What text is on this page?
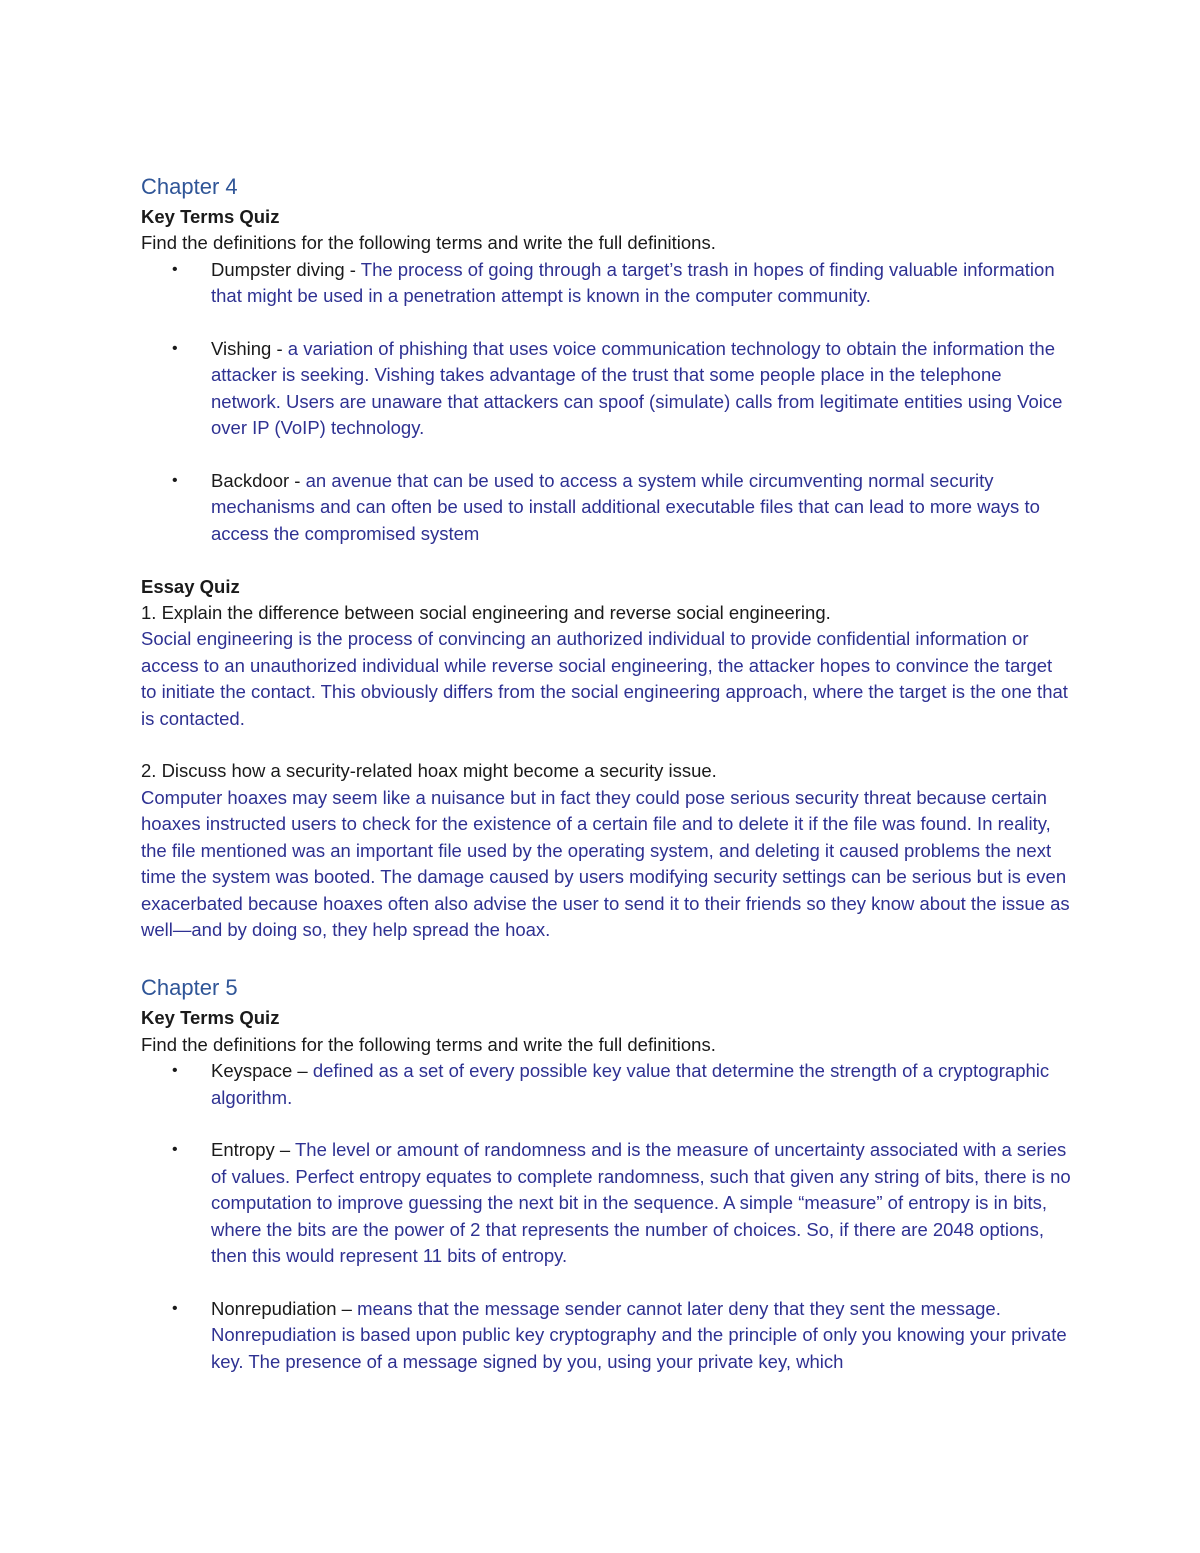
Chapter 4

Key Terms Quiz

Find the definitions for the following terms and write the full definitions.

• Dumpster diving - The process of going through a target’s trash in hopes of finding valuable information that might be used in a penetration attempt is known in the computer community.
• Vishing - a variation of phishing that uses voice communication technology to obtain the information the attacker is seeking. Vishing takes advantage of the trust that some people place in the telephone network. Users are unaware that attackers can spoof (simulate) calls from legitimate entities using Voice over IP (VoIP) technology.
• Backdoor - an avenue that can be used to access a system while circumventing normal security mechanisms and can often be used to install additional executable files that can lead to more ways to access the compromised system

Essay Quiz

1. Explain the difference between social engineering and reverse social engineering.

Social engineering is the process of convincing an authorized individual to provide confidential information or access to an unauthorized individual while reverse social engineering, the attacker hopes to convince the target to initiate the contact. This obviously differs from the social engineering approach, where the target is the one that is contacted.

2. Discuss how a security-related hoax might become a security issue.

Computer hoaxes may seem like a nuisance but in fact they could pose serious security threat because certain hoaxes instructed users to check for the existence of a certain file and to delete it if the file was found. In reality, the file mentioned was an important file used by the operating system, and deleting it caused problems the next time the system was booted. The damage caused by users modifying security settings can be serious but is even exacerbated because hoaxes often also advise the user to send it to their friends so they know about the issue as well—and by doing so, they help spread the hoax.

Chapter 5

Key Terms Quiz

Find the definitions for the following terms and write the full definitions.

• Keyspace – defined as a set of every possible key value that determine the strength of a cryptographic algorithm.
• Entropy – The level or amount of randomness and is the measure of uncertainty associated with a series of values. Perfect entropy equates to complete randomness, such that given any string of bits, there is no computation to improve guessing the next bit in the sequence. A simple “measure” of entropy is in bits, where the bits are the power of 2 that represents the number of choices. So, if there are 2048 options, then this would represent 11 bits of entropy.
• Nonrepudiation – means that the message sender cannot later deny that they sent the message. Nonrepudiation is based upon public key cryptography and the principle of only you knowing your private key. The presence of a message signed by you, using your private key, which
